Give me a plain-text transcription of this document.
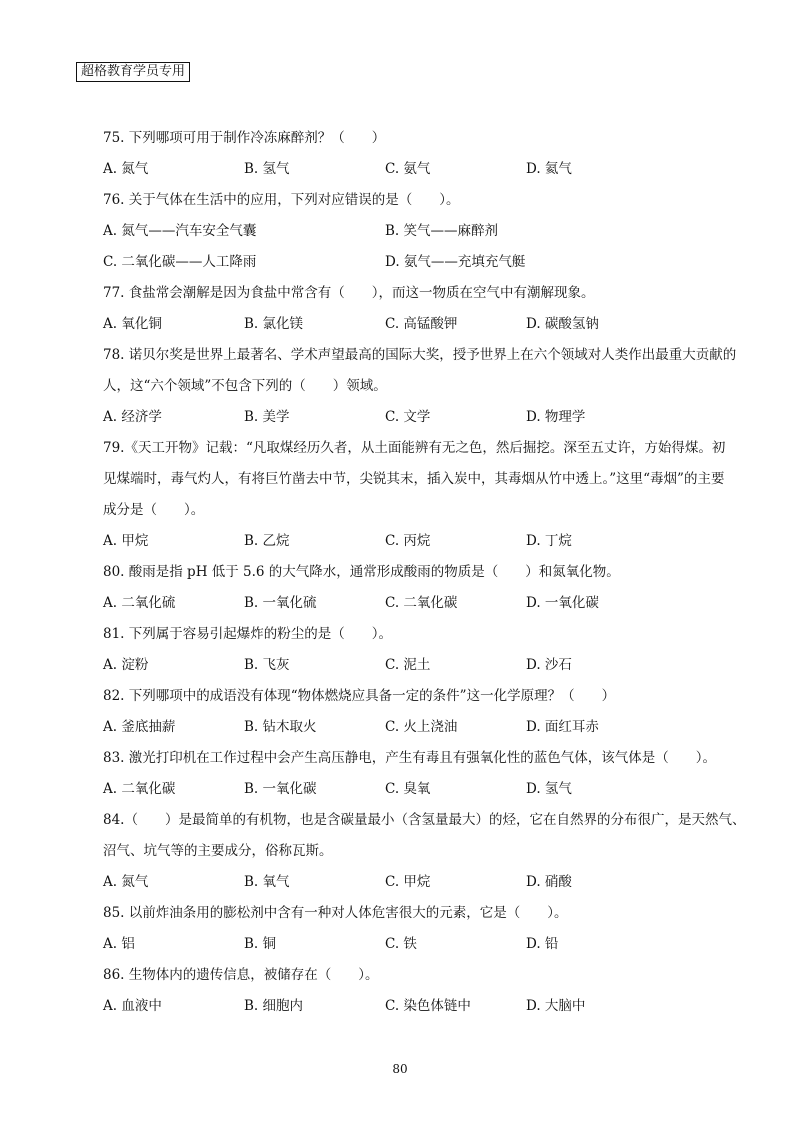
超格教育学员专用
75. 下列哪项可用于制作冷冻麻醉剂？（　　）
A. 氮气	B. 氢气	C. 氨气	D. 氦气
76. 关于气体在生活中的应用，下列对应错误的是（　　）。
A. 氮气——汽车安全气囊	B. 笑气——麻醉剂
C. 二氧化碳——人工降雨	D. 氨气——充填充气艇
77. 食盐常会潮解是因为食盐中常含有（　　），而这一物质在空气中有潮解现象。
A. 氧化铜	B. 氯化镁	C. 高锰酸钾	D. 碳酸氢钠
78. 诺贝尔奖是世界上最著名、学术声望最高的国际大奖，授予世界上在六个领域对人类作出最重大贡献的
人，这“六个领域”不包含下列的（　　）领域。
A. 经济学	B. 美学	C. 文学	D. 物理学
79.《天工开物》记载：“凡取煤经历久者，从土面能辨有无之色，然后掘挖。深至五丈许，方始得煤。初
见煤端时，毒气灼人，有将巨竹凿去中节，尖锐其末，插入炭中，其毒烟从竹中透上。”这里“毒烟”的主要
成分是（　　）。
A. 甲烷	B. 乙烷	C. 丙烷	D. 丁烷
80. 酸雨是指 pH 低于 5.6 的大气降水，通常形成酸雨的物质是（　　）和氮氧化物。
A. 二氧化硫	B. 一氧化硫	C. 二氧化碳	D. 一氧化碳
81. 下列属于容易引起爆炸的粉尘的是（　　）。
A. 淀粉	B. 飞灰	C. 泥土	D. 沙石
82. 下列哪项中的成语没有体现“物体燃烧应具备一定的条件”这一化学原理？（　　）
A. 釜底抽薪	B. 钻木取火	C. 火上浇油	D. 面红耳赤
83. 激光打印机在工作过程中会产生高压静电，产生有毒且有强氧化性的蓝色气体，该气体是（　　）。
A. 二氧化碳	B. 一氧化碳	C. 臭氧	D. 氢气
84.（　　）是最简单的有机物，也是含碳量最小（含氢量最大）的烃，它在自然界的分布很广，是天然气、
沼气、坑气等的主要成分，俗称瓦斯。
A. 氮气	B. 氧气	C. 甲烷	D. 硝酸
85. 以前炸油条用的膨松剂中含有一种对人体危害很大的元素，它是（　　）。
A. 铝	B. 铜	C. 铁	D. 铅
86. 生物体内的遗传信息，被储存在（　　）。
A. 血液中	B. 细胞内	C. 染色体链中	D. 大脑中
80
